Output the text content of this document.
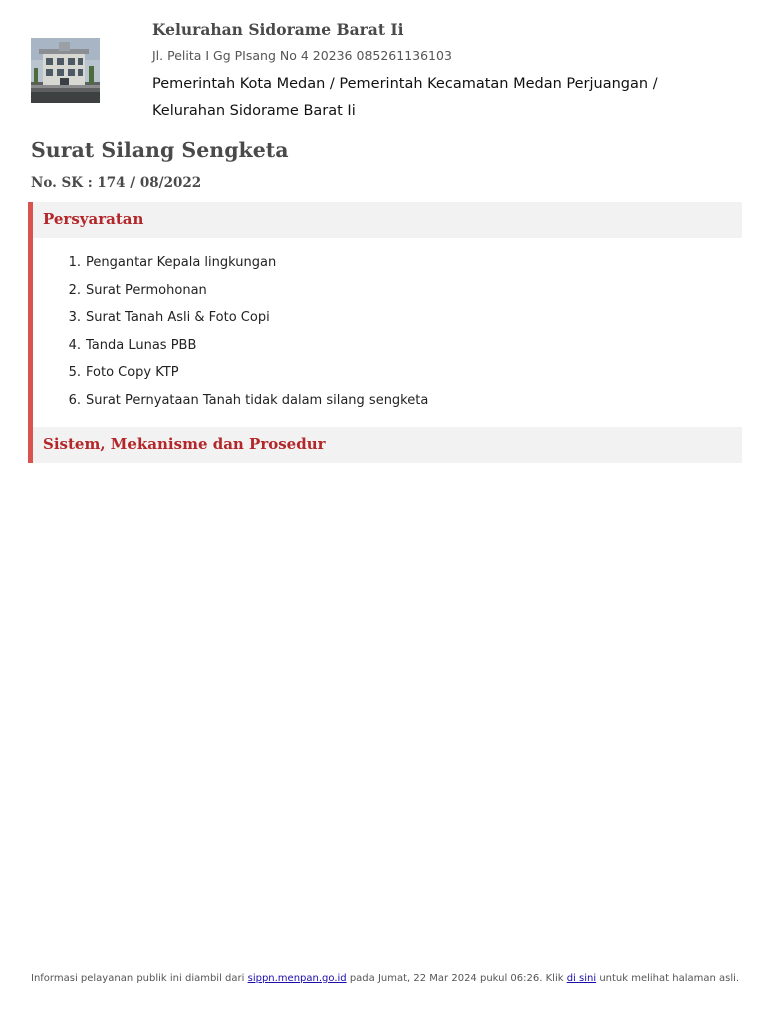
Kelurahan Sidorame Barat Ii
Jl. Pelita I Gg PIsang No 4 20236 085261136103
Pemerintah Kota Medan / Pemerintah Kecamatan Medan Perjuangan / Kelurahan Sidorame Barat Ii
Surat Silang Sengketa
No. SK : 174 / 08/2022
Persyaratan
1. Pengantar Kepala lingkungan
2. Surat Permohonan
3. Surat Tanah Asli & Foto Copi
4. Tanda Lunas PBB
5. Foto Copy KTP
6. Surat Pernyataan Tanah tidak dalam silang sengketa
Sistem, Mekanisme dan Prosedur
Informasi pelayanan publik ini diambil dari sippn.menpan.go.id pada Jumat, 22 Mar 2024 pukul 06:26. Klik di sini untuk melihat halaman asli.
